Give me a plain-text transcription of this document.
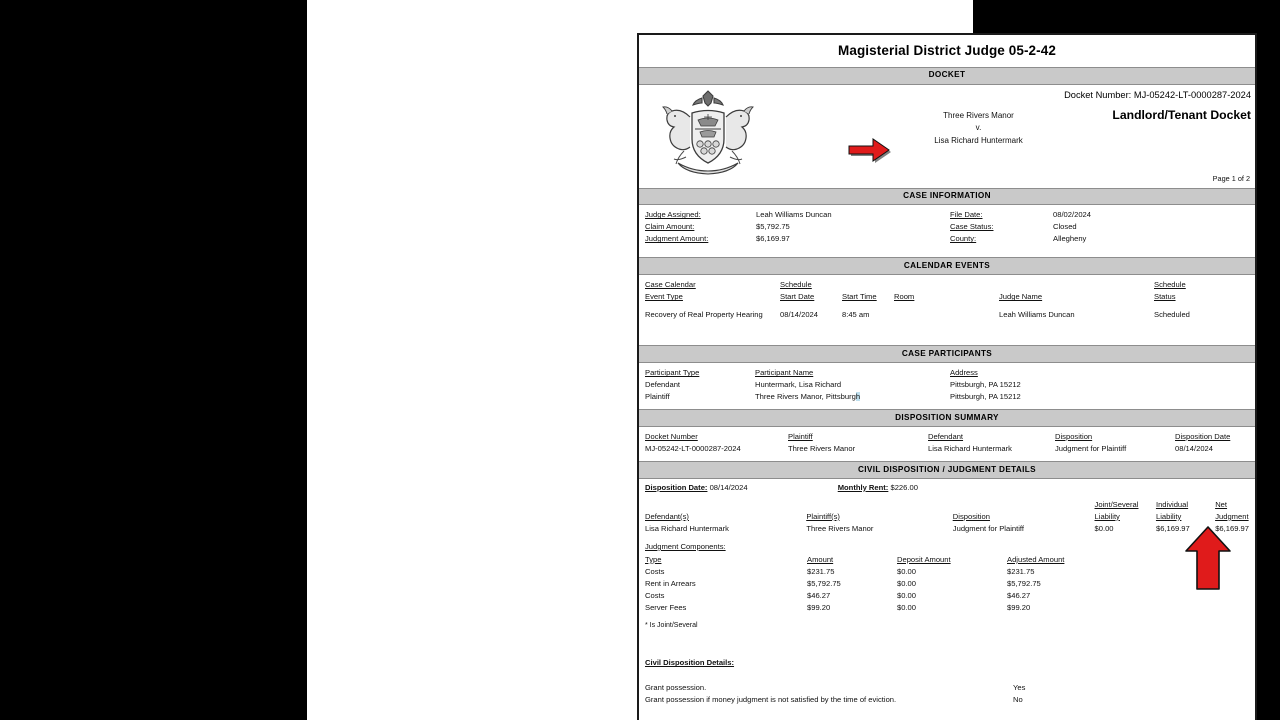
Magisterial District Judge 05-2-42
DOCKET
Docket Number: MJ-05242-LT-0000287-2024
Landlord/Tenant Docket
Three Rivers Manor
v.
Lisa Richard Huntermark
Page 1 of 2
CASE INFORMATION
Judge Assigned:	Leah Williams Duncan
Claim Amount:	$5,792.75
Judgment Amount:	$6,169.97
File Date:	08/02/2024
Case Status:	Closed
County:	Allegheny
CALENDAR EVENTS
Case Calendar	Schedule				Schedule
Event Type	Start Date	Start Time	Room	Judge Name	Status

Recovery of Real Property Hearing	08/14/2024	8:45 am		Leah Williams Duncan	Scheduled
CASE PARTICIPANTS
Participant Type	Participant Name	Address
Defendant	Huntermark, Lisa Richard	Pittsburgh, PA 15212
Plaintiff	Three Rivers Manor, Pittsburgh	Pittsburgh, PA 15212
DISPOSITION SUMMARY
Docket Number	Plaintiff	Defendant	Disposition	Disposition Date
MJ-05242-LT-0000287-2024	Three Rivers Manor	Lisa Richard Huntermark	Judgment for Plaintiff	08/14/2024
CIVIL DISPOSITION / JUDGMENT DETAILS
Disposition Date: 08/14/2024	Monthly Rent: $226.00
			Joint/Several	Individual	Net
Defendant(s)	Plaintiff(s)	Disposition	Liability	Liability	Judgment
Lisa Richard Huntermark	Three Rivers Manor	Judgment for Plaintiff	$0.00	$6,169.97	$6,169.97
Judgment Components:
Type	Amount	Deposit Amount	Adjusted Amount	
Costs	$231.75	$0.00	$231.75	
Rent in Arrears	$5,792.75	$0.00	$5,792.75	
Costs	$46.27	$0.00	$46.27	
Server Fees	$99.20	$0.00	$99.20	
* Is Joint/Several
Civil Disposition Details:
Grant possession.	Yes
Grant possession if money judgment is not satisfied by the time of eviction.	No
